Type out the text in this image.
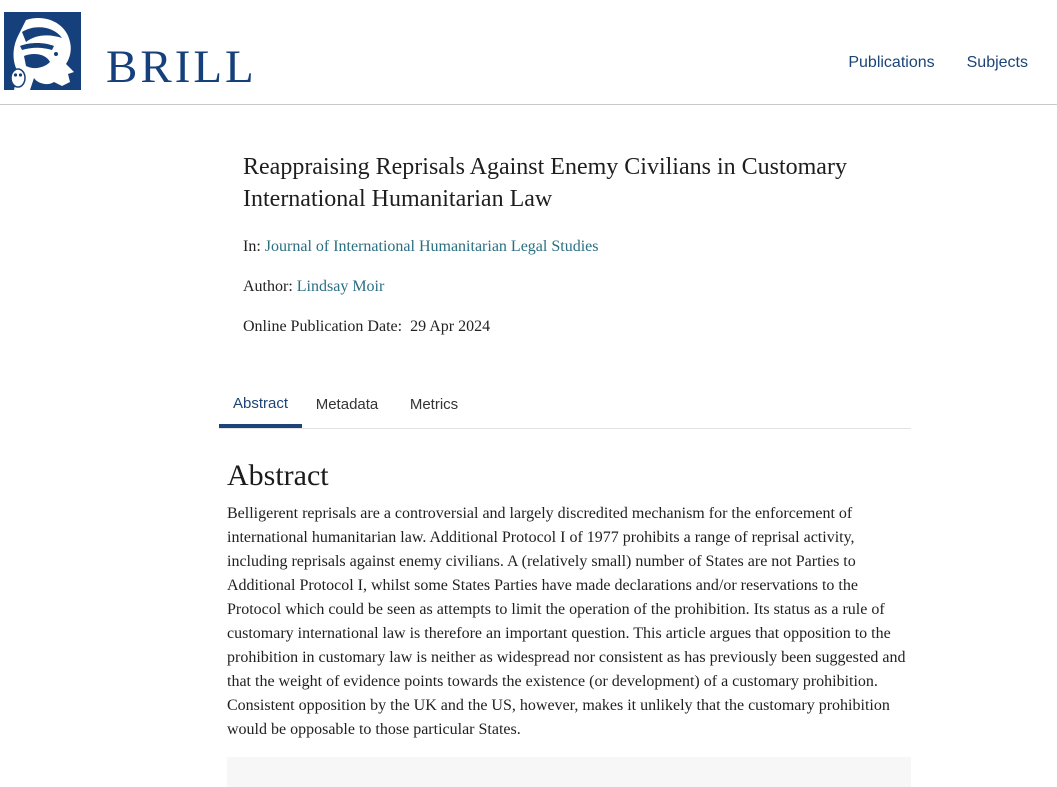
BRILL	Publications Subjects
Reappraising Reprisals Against Enemy Civilians in Customary International Humanitarian Law
In: Journal of International Humanitarian Legal Studies
Author: Lindsay Moir
Online Publication Date: 29 Apr 2024
Abstract	Metadata	Metrics
Abstract

Belligerent reprisals are a controversial and largely discredited mechanism for the enforcement of international humanitarian law. Additional Protocol I of 1977 prohibits a range of reprisal activity, including reprisals against enemy civilians. A (relatively small) number of States are not Parties to Additional Protocol I, whilst some States Parties have made declarations and/or reservations to the Protocol which could be seen as attempts to limit the operation of the prohibition. Its status as a rule of customary international law is therefore an important question. This article argues that opposition to the prohibition in customary law is neither as widespread nor consistent as has previously been suggested and that the weight of evidence points towards the existence (or development) of a customary prohibition. Consistent opposition by the UK and the US, however, makes it unlikely that the customary prohibition would be opposable to those particular States.
